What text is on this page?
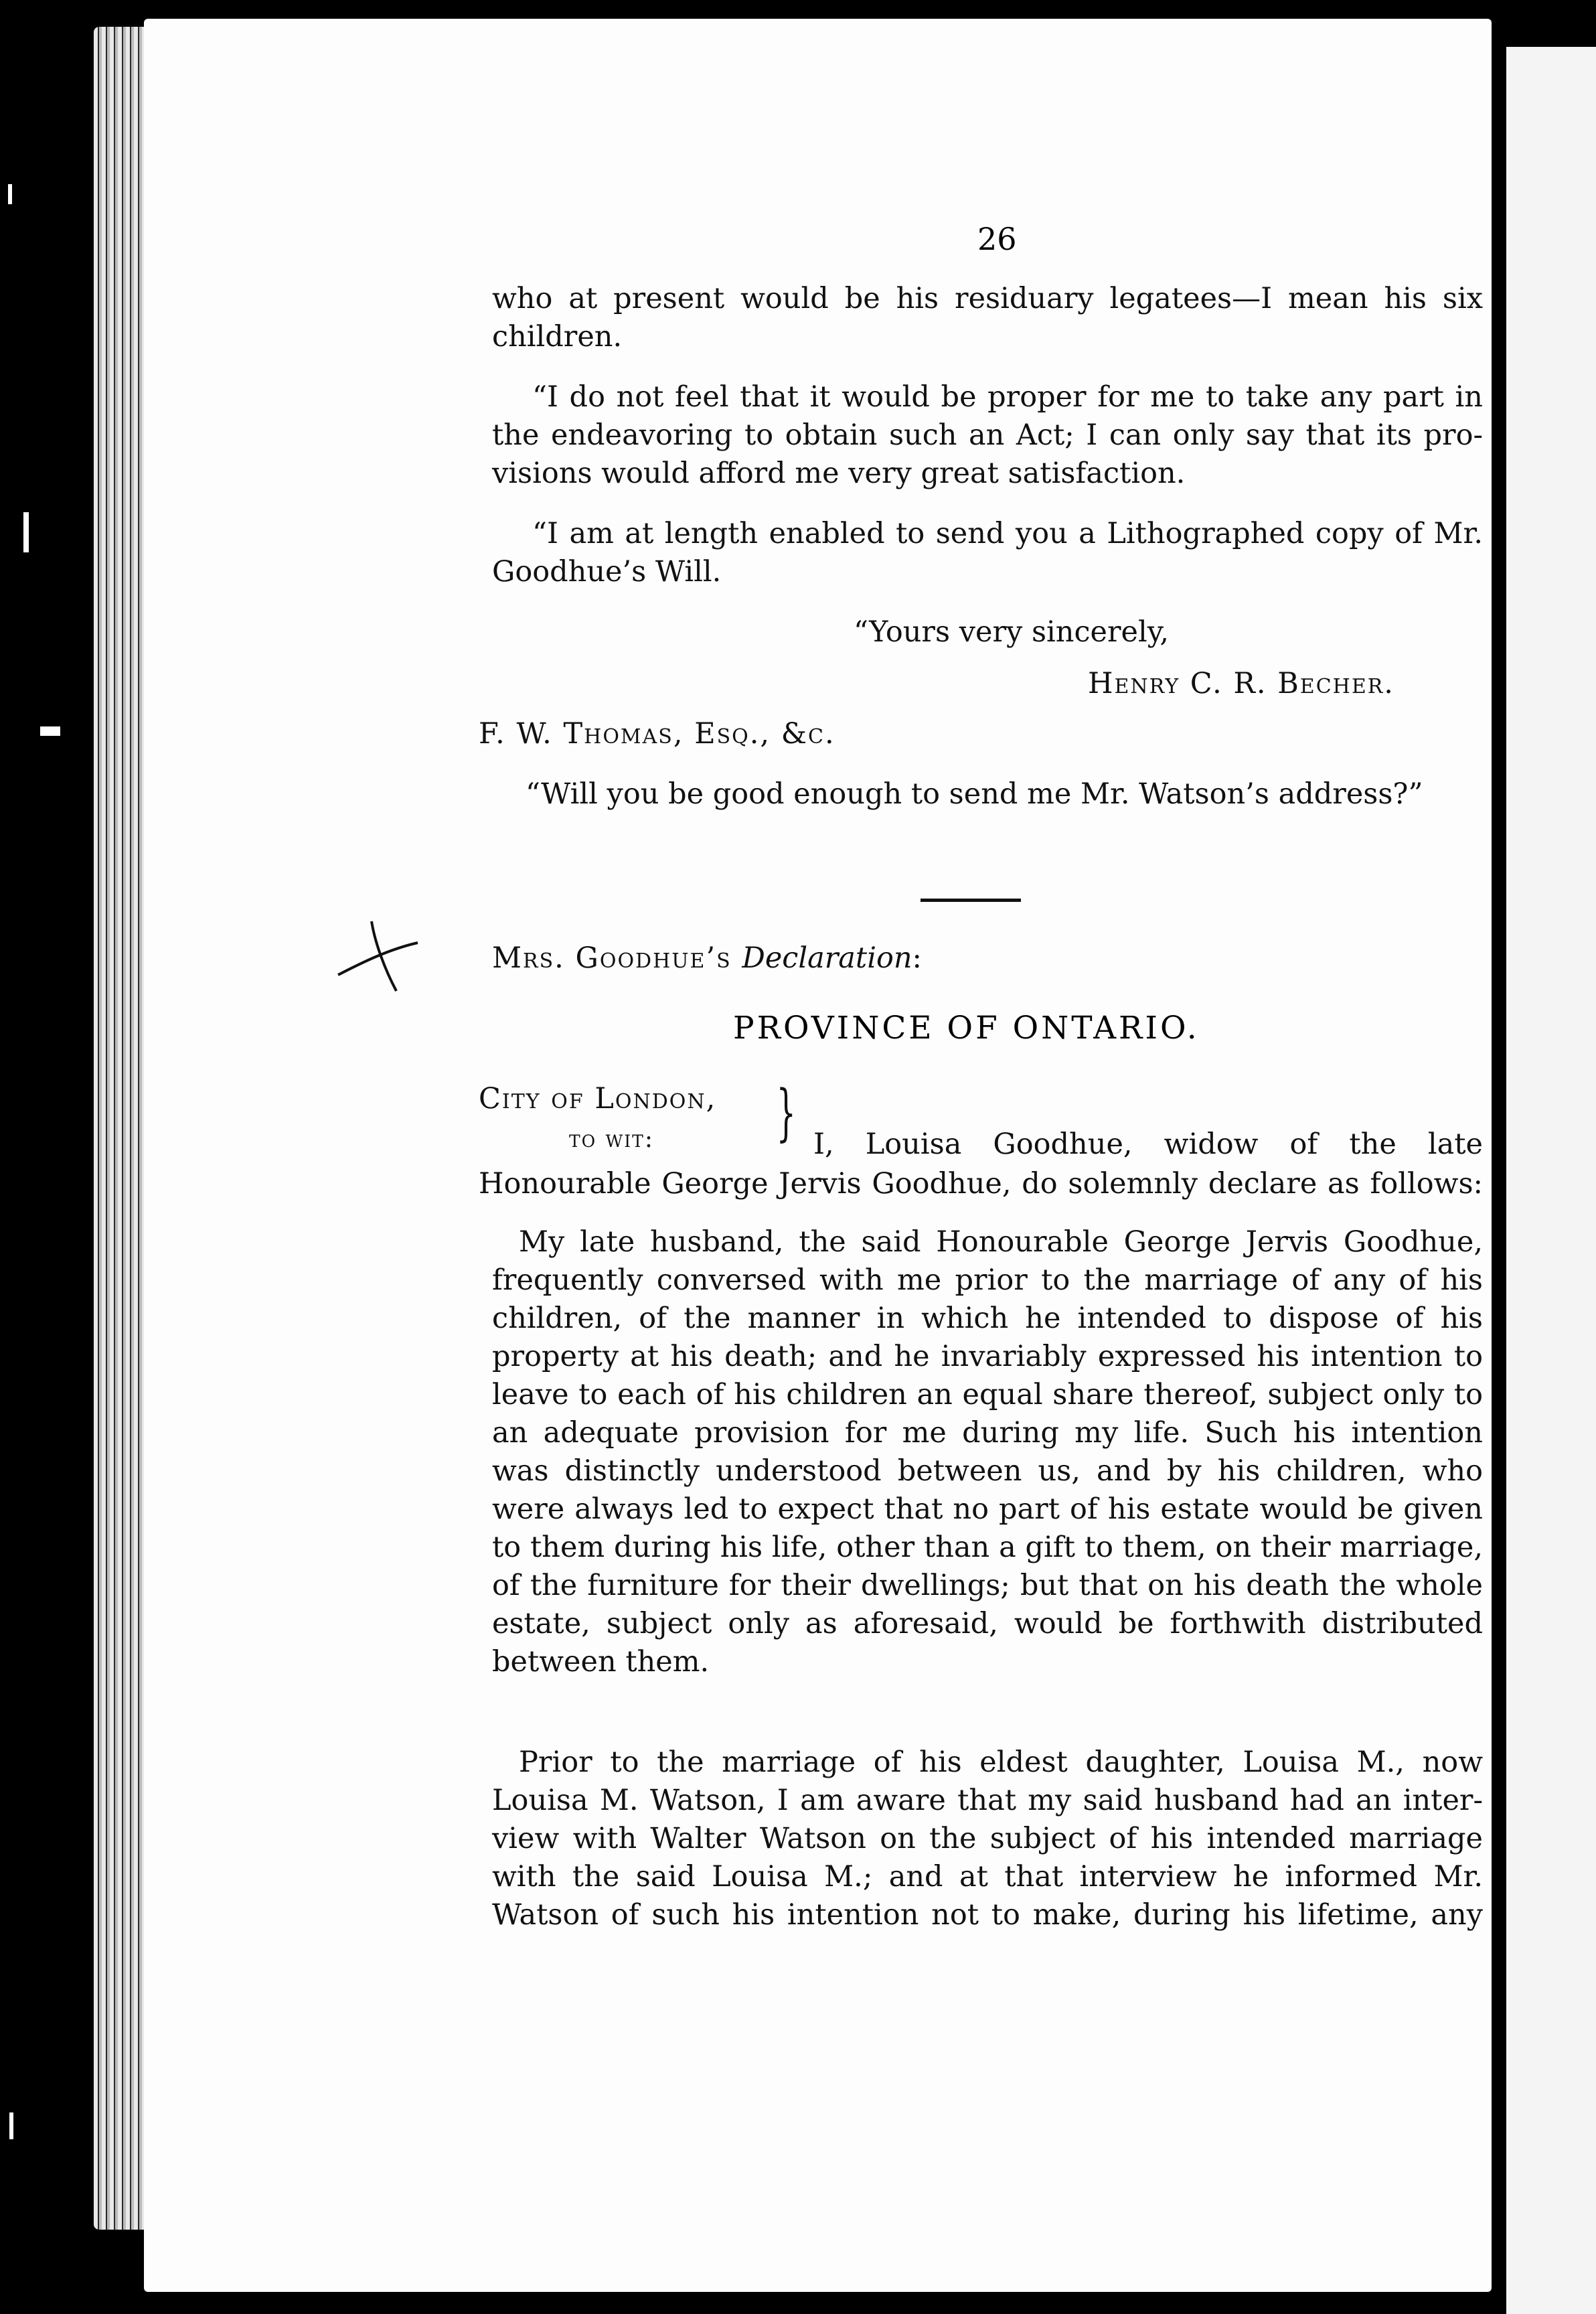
26
who at present would be his residuary legatees—I mean his six
children.
“I do not feel that it would be proper for me to take any part in
the endeavoring to obtain such an Act; I can only say that its pro-
visions would afford me very great satisfaction.
“I am at length enabled to send you a Lithographed copy of Mr.
Goodhue’s Will.
“Yours very sincerely,
Henry C. R. Becher.
F. W. Thomas, Esq., &c.
“Will you be good enough to send me Mr. Watson’s address?”
Mrs. Goodhue’s Declaration:
PROVINCE OF ONTARIO.
City of London,
to wit:	I, Louisa Goodhue, widow of the late
Honourable George Jervis Goodhue, do solemnly declare as follows:
My late husband, the said Honourable George Jervis Goodhue,
frequently conversed with me prior to the marriage of any of his
children, of the manner in which he intended to dispose of his
property at his death; and he invariably expressed his intention to
leave to each of his children an equal share thereof, subject only to
an adequate provision for me during my life. Such his intention
was distinctly understood between us, and by his children, who
were always led to expect that no part of his estate would be given
to them during his life, other than a gift to them, on their marriage,
of the furniture for their dwellings; but that on his death the whole
estate, subject only as aforesaid, would be forthwith distributed
between them.
Prior to the marriage of his eldest daughter, Louisa M., now
Louisa M. Watson, I am aware that my said husband had an inter-
view with Walter Watson on the subject of his intended marriage
with the said Louisa M.; and at that interview he informed Mr.
Watson of such his intention not to make, during his lifetime, any
}
